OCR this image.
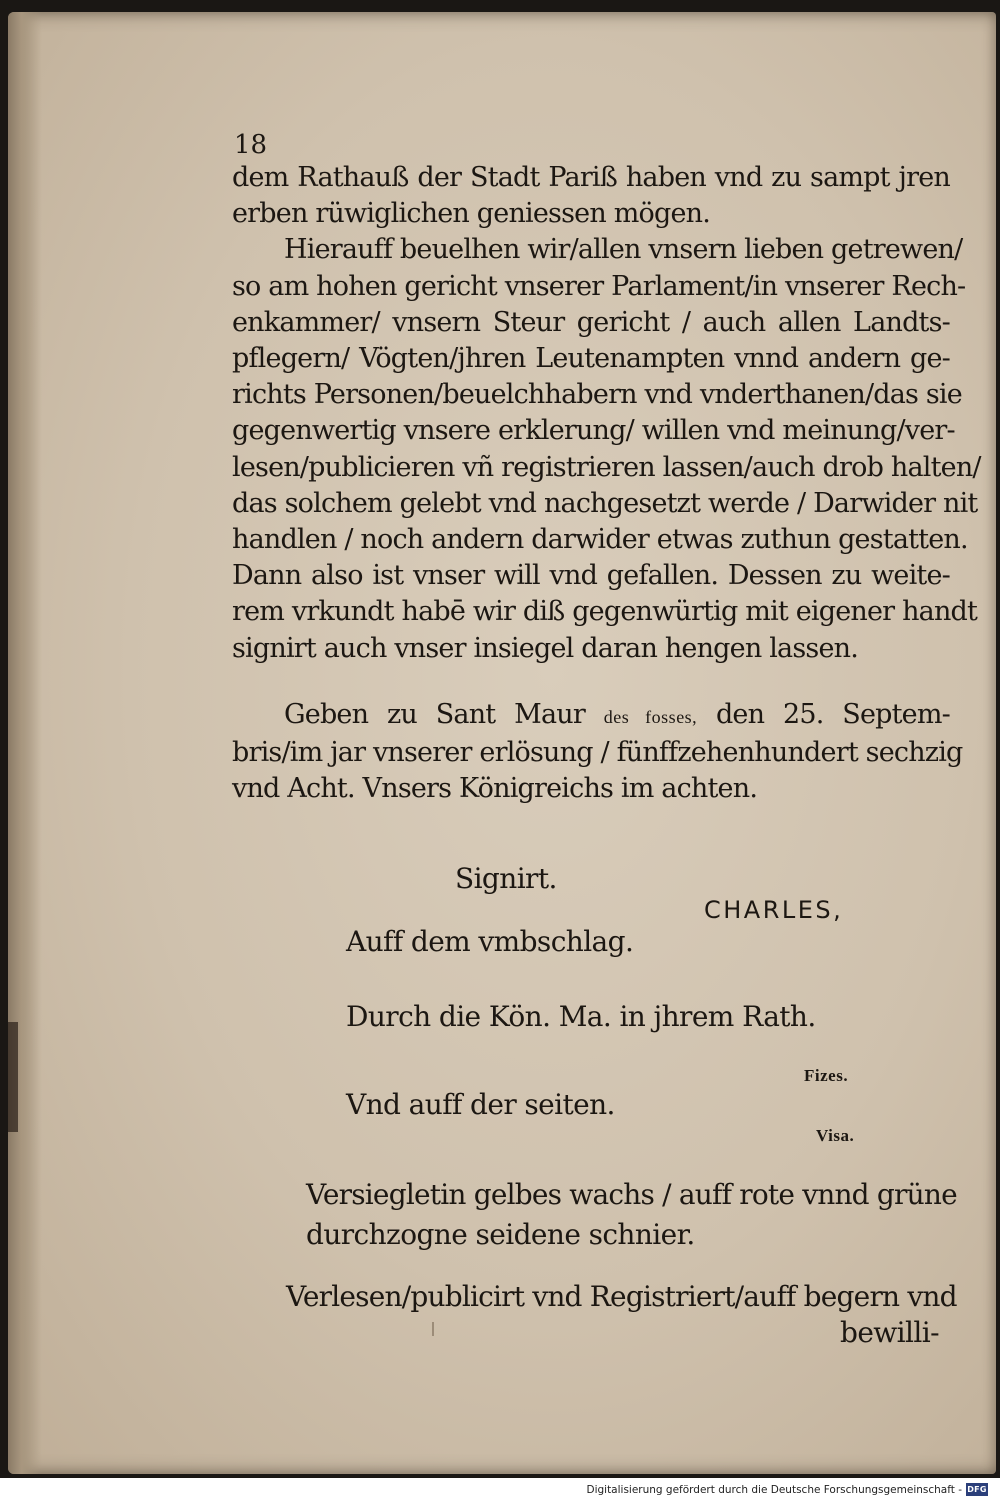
18
dem Rathauß der Stadt Pariß haben vnd zu sampt jren
erben rüwiglichen geniessen mögen.
Hierauff beuelhen wir/allen vnsern lieben getrewen/
so am hohen gericht vnserer Parlament/in vnserer Rech-
enkammer/ vnsern Steur gericht / auch allen Landts-
pflegern/ Vögten/jhren Leutenampten vnnd andern ge-
richts Personen/beuelchhabern vnd vnderthanen/das sie
gegenwertig vnsere erklerung/ willen vnd meinung/ver-
lesen/publicieren vñ registrieren lassen/auch drob halten/
das solchem gelebt vnd nachgesetzt werde / Darwider nit
handlen / noch andern darwider etwas zuthun gestatten.
Dann also ist vnser will vnd gefallen. Dessen zu weite-
rem vrkundt habē wir diß gegenwürtig mit eigener handt
signirt auch vnser insiegel daran hengen lassen.
Geben zu Sant Maur des fosses, den 25. Septem-
bris/im jar vnserer erlösung / fünffzehenhundert sechzig
vnd Acht. Vnsers Königreichs im achten.
Signirt.
CHARLES,
Auff dem vmbschlag.
Durch die Kön. Ma. in jhrem Rath.
Fizes.
Vnd auff der seiten.
Visa.
Versiegletin gelbes wachs / auff rote vnnd grüne
durchzogne seidene schnier.
Verlesen/publicirt vnd Registriert/auff begern vnd
bewilli-
Digitalisierung gefördert durch die Deutsche Forschungsgemeinschaft - DFG
